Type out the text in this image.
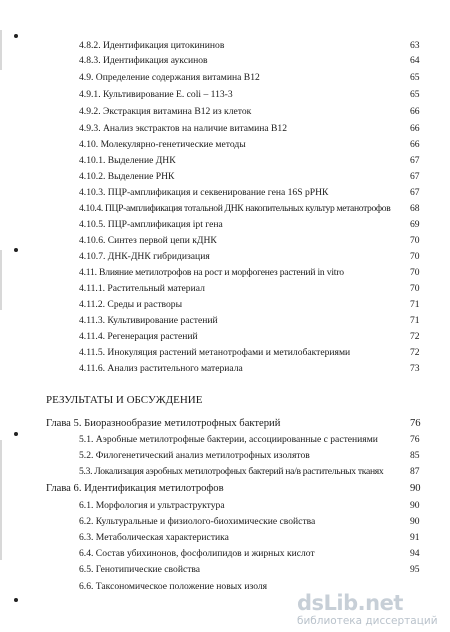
4.8.2. Идентификация цитокининов	63
4.8.3. Идентификация ауксинов	64
4.9. Определение содержания витамина B12	65
4.9.1. Культивирование E. coli – 113-3	65
4.9.2. Экстракция витамина B12 из клеток	66
4.9.3. Анализ экстрактов на наличие витамина B12	66
4.10. Молекулярно-генетические методы	66
4.10.1. Выделение ДНК	67
4.10.2. Выделение РНК	67
4.10.3. ПЦР-амплификация и секвенирование гена 16S рРНК	67
4.10.4. ПЦР-амплификация тотальной ДНК накопительных культур метанотрофов 68
4.10.5. ПЦР-амплификация ipt гена	69
4.10.6. Синтез первой цепи кДНК	70
4.10.7. ДНК-ДНК гибридизация	70
4.11. Влияние метилотрофов на рост и морфогенез растений in vitro	70
4.11.1. Растительный материал	70
4.11.2. Среды и растворы	71
4.11.3. Культивирование растений	71
4.11.4. Регенерация растений	72
4.11.5. Инокуляция растений метанотрофами и метилобактериями	72
4.11.6. Анализ растительного материала	73
РЕЗУЛЬТАТЫ И ОБСУЖДЕНИЕ
Глава 5. Биоразнообразие метилотрофных бактерий	76
5.1. Аэробные метилотрофные бактерии, ассоциированные с растениями	76
5.2. Филогенетический анализ метилотрофных изолятов	85
5.3. Локализация аэробных метилотрофных бактерий на/в растительных тканях	87
Глава 6. Идентификация метилотрофов	90
6.1. Морфология и ультраструктура	90
6.2. Культуральные и физиолого-биохимические свойства	90
6.3. Метаболическая характеристика	91
6.4. Состав убихинонов, фосфолипидов и жирных кислот	94
6.5. Генотипические свойства	95
6.6. Таксономическое положение новых изоля
dsLib.net
библиотека диссертаций
